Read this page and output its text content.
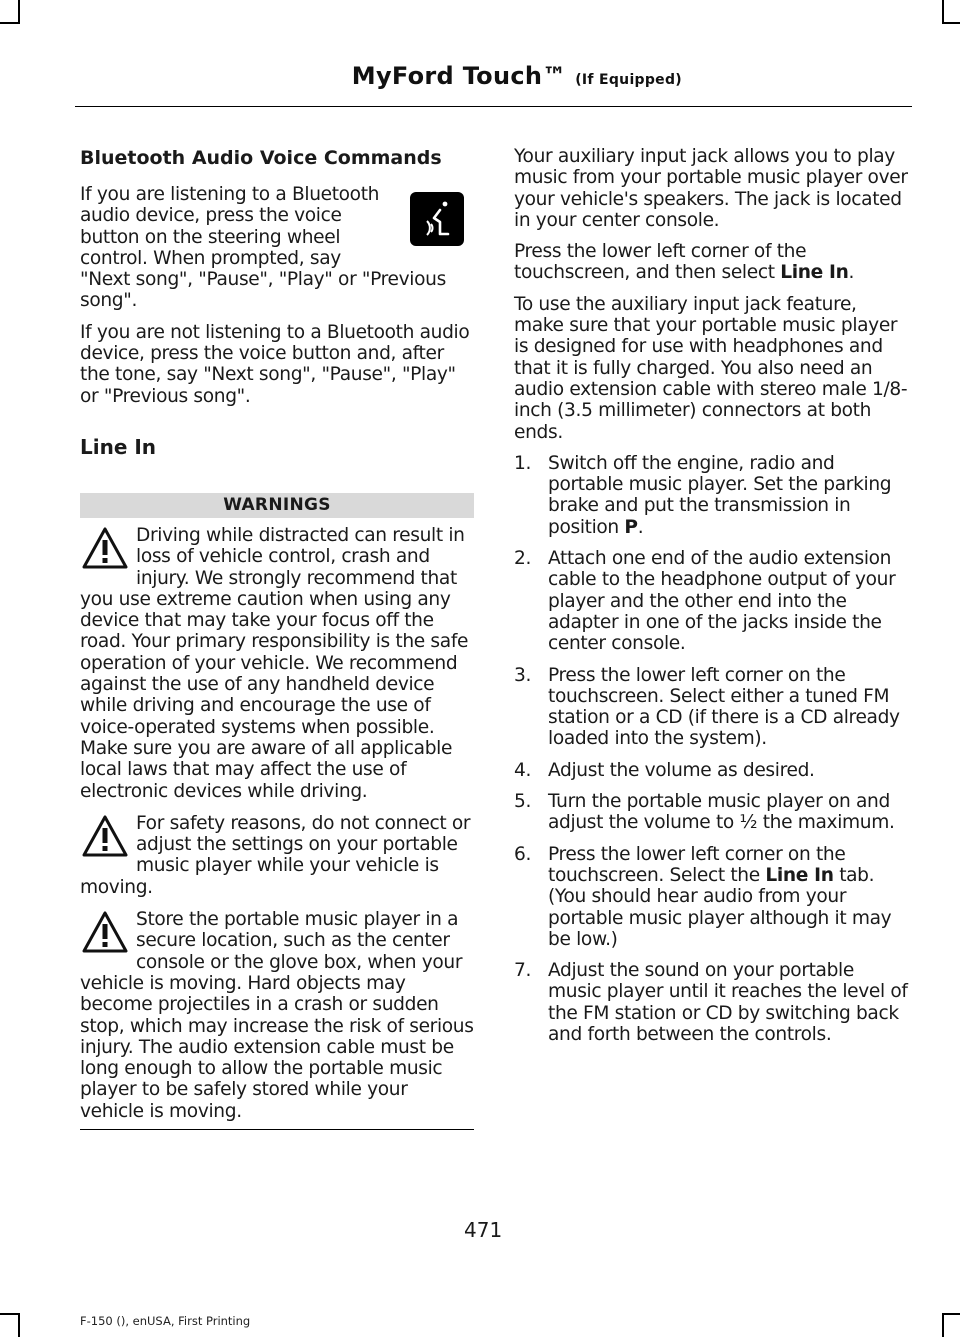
MyFord Touch™ (If Equipped)
Bluetooth Audio Voice Commands

If you are listening to a Bluetooth audio device, press the voice button on the steering wheel control. When prompted, say "Next song", "Pause", "Play" or "Previous song".

If you are not listening to a Bluetooth audio device, press the voice button and, after the tone, say "Next song", "Pause", "Play" or "Previous song".

Line In
WARNINGS

Driving while distracted can result in loss of vehicle control, crash and injury. We strongly recommend that you use extreme caution when using any device that may take your focus off the road. Your primary responsibility is the safe operation of your vehicle. We recommend against the use of any handheld device while driving and encourage the use of voice-operated systems when possible. Make sure you are aware of all applicable local laws that may affect the use of electronic devices while driving.

For safety reasons, do not connect or adjust the settings on your portable music player while your vehicle is moving.

Store the portable music player in a secure location, such as the center console or the glove box, when your vehicle is moving. Hard objects may become projectiles in a crash or sudden stop, which may increase the risk of serious injury. The audio extension cable must be long enough to allow the portable music player to be safely stored while your vehicle is moving.

Your auxiliary input jack allows you to play music from your portable music player over your vehicle's speakers. The jack is located in your center console.

Press the lower left corner of the touchscreen, and then select Line In.

To use the auxiliary input jack feature, make sure that your portable music player is designed for use with headphones and that it is fully charged. You also need an audio extension cable with stereo male 1/8-inch (3.5 millimeter) connectors at both ends.

1. Switch off the engine, radio and portable music player. Set the parking brake and put the transmission in position P.
2. Attach one end of the audio extension cable to the headphone output of your player and the other end into the adapter in one of the jacks inside the center console.
3. Press the lower left corner on the touchscreen. Select either a tuned FM station or a CD (if there is a CD already loaded into the system).
4. Adjust the volume as desired.
5. Turn the portable music player on and adjust the volume to ½ the maximum.
6. Press the lower left corner on the touchscreen. Select the Line In tab. (You should hear audio from your portable music player although it may be low.)
7. Adjust the sound on your portable music player until it reaches the level of the FM station or CD by switching back and forth between the controls.
471
F-150 (), enUSA, First Printing
